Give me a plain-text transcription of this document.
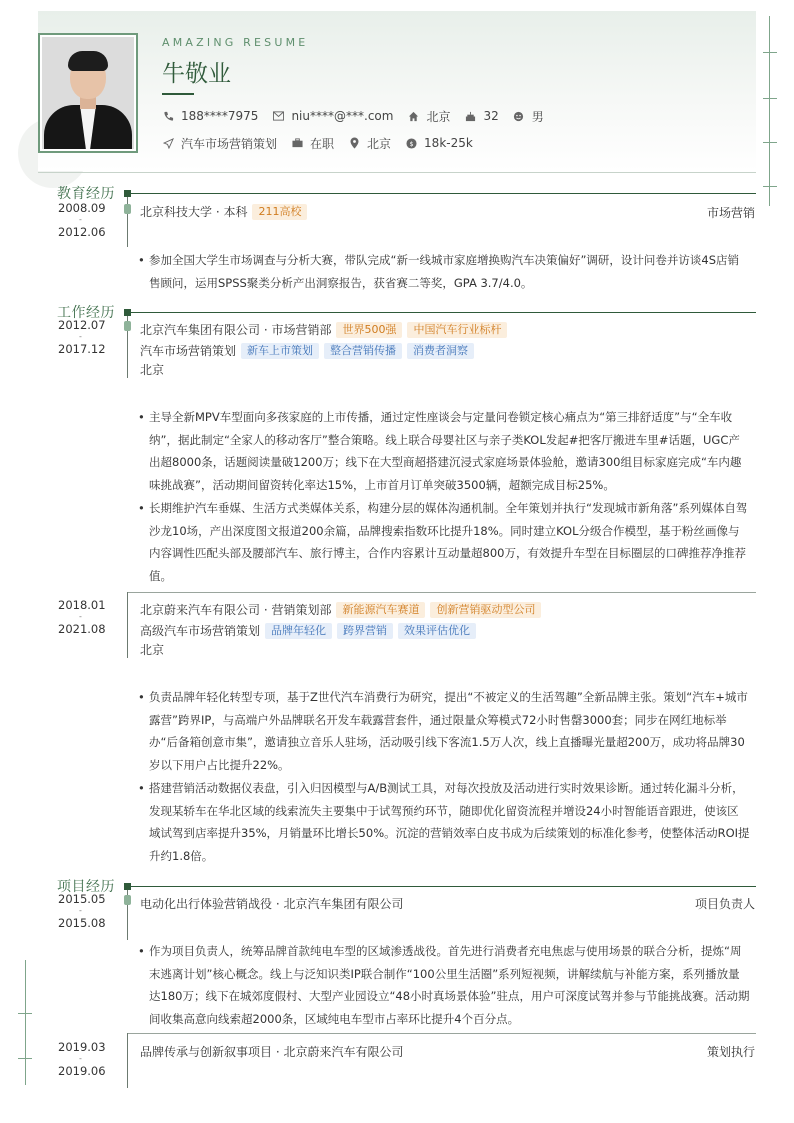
AMAZING RESUME
牛敬业
188****7975	niu****@***.com	北京	32	男
汽车市场营销策划	在职	北京	$ 18k-25k
教育经历
2008.09
-
2012.06
北京科技大学 · 本科	211高校	市场营销
• 参加全国大学生市场调查与分析大赛，带队完成“新一线城市家庭增换购汽车决策偏好”调研，设计问卷并访谈4S店销售顾问，运用SPSS聚类分析产出洞察报告，获省赛二等奖，GPA 3.7/4.0。
工作经历
2012.07
-
2017.12
北京汽车集团有限公司 · 市场营销部	世界500强	中国汽车行业标杆
汽车市场营销策划	新车上市策划	整合营销传播	消费者洞察
北京
• 主导全新MPV车型面向多孩家庭的上市传播，通过定性座谈会与定量问卷锁定核心痛点为“第三排舒适度”与“全车收纳”，据此制定“全家人的移动客厅”整合策略。线上联合母婴社区与亲子类KOL发起#把客厅搬进车里#话题，UGC产出超8000条，话题阅读量破1200万；线下在大型商超搭建沉浸式家庭场景体验舱，邀请300组目标家庭完成“车内趣味挑战赛”，活动期间留资转化率达15%，上市首月订单突破3500辆，超额完成目标25%。
• 长期维护汽车垂媒、生活方式类媒体关系，构建分层的媒体沟通机制。全年策划并执行“发现城市新角落”系列媒体自驾沙龙10场，产出深度图文报道200余篇，品牌搜索指数环比提升18%。同时建立KOL分级合作模型，基于粉丝画像与内容调性匹配头部及腰部汽车、旅行博主，合作内容累计互动量超800万，有效提升车型在目标圈层的口碑推荐净推荐值。
2018.01
-
2021.08
北京蔚来汽车有限公司 · 营销策划部	新能源汽车赛道	创新营销驱动型公司
高级汽车市场营销策划	品牌年轻化	跨界营销	效果评估优化
北京
• 负责品牌年轻化转型专项，基于Z世代汽车消费行为研究，提出“不被定义的生活驾趣”全新品牌主张。策划“汽车+城市露营”跨界IP，与高端户外品牌联名开发车载露营套件，通过限量众筹模式72小时售罄3000套；同步在网红地标举办“后备箱创意市集”，邀请独立音乐人驻场，活动吸引线下客流1.5万人次，线上直播曝光量超200万，成功将品牌30岁以下用户占比提升22%。
• 搭建营销活动数据仪表盘，引入归因模型与A/B测试工具，对每次投放及活动进行实时效果诊断。通过转化漏斗分析，发现某轿车在华北区域的线索流失主要集中于试驾预约环节，随即优化留资流程并增设24小时智能语音跟进，使该区域试驾到店率提升35%，月销量环比增长50%。沉淀的营销效率白皮书成为后续策划的标准化参考，使整体活动ROI提升约1.8倍。
项目经历
2015.05
-
2015.08
电动化出行体验营销战役 · 北京汽车集团有限公司	项目负责人
• 作为项目负责人，统筹品牌首款纯电车型的区域渗透战役。首先进行消费者充电焦虑与使用场景的联合分析，提炼“周末逃离计划”核心概念。线上与泛知识类IP联合制作“100公里生活圈”系列短视频，讲解续航与补能方案，系列播放量达180万；线下在城郊度假村、大型产业园设立“48小时真场景体验”驻点，用户可深度试驾并参与节能挑战赛。活动期间收集高意向线索超2000条，区域纯电车型市占率环比提升4个百分点。
2019.03
-
2019.06
品牌传承与创新叙事项目 · 北京蔚来汽车有限公司	策划执行
